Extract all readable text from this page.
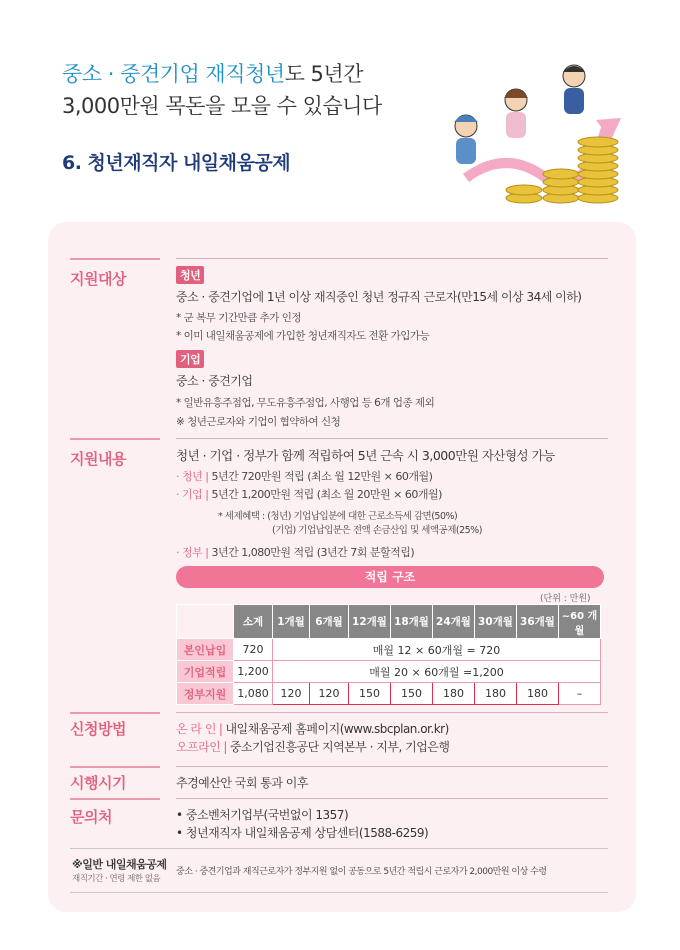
중소 · 중견기업 재직청년도 5년간
3,000만원 목돈을 모을 수 있습니다
6. 청년재직자 내일채움공제
지원대상	청년
중소 · 중견기업에 1년 이상 재직중인 청년 정규직 근로자(만15세 이상 34세 이하)
* 군 복무 기간만큼 추가 인정
* 이미 내일채움공제에 가입한 청년재직자도 전환 가입가능
기업
중소 · 중견기업
* 일반유흥주점업, 무도유흥주점업, 사행업 등 6개 업종 제외
※ 청년근로자와 기업이 협약하여 신청
지원내용	청년 · 기업 · 정부가 함께 적립하여 5년 근속 시 3,000만원 자산형성 가능
· 청년 | 5년간 720만원 적립 (최소 월 12만원 × 60개월)
· 기업 | 5년간 1,200만원 적립 (최소 월 20만원 × 60개월)
* 세제혜택 : (청년) 기업납입분에 대한 근로소득세 감면(50%)
(기업) 기업납입분은 전액 손금산입 및 세액공제(25%)
· 정부 | 3년간 1,080만원 적립 (3년간 7회 분할적립)
적립 구조
(단위 : 만원)
	소계	1개월	6개월	12개월	18개월	24개월	30개월	36개월	~60 개월
본인납입	720	매월 12 × 60개월 = 720							
기업적립	1,200	매월 20 × 60개월 =1,200							
정부지원	1,080	120	120	150	150	180	180	180	–
신청방법	온 라 인 | 내일채움공제 홈페이지(www.sbcplan.or.kr)
오프라인 | 중소기업진흥공단 지역본부 · 지부, 기업은행
시행시기	추경예산안 국회 통과 이후
문의처	• 중소벤처기업부(국번없이 1357)
• 청년재직자 내일채움공제 상담센터(1588-6259)
※일반 내일채움공제
재직기간 · 연령 제한 없음
중소 · 중견기업과 재직근로자가 정부지원 없이 공동으로 5년간 적립시 근로자가 2,000만원 이상 수령
